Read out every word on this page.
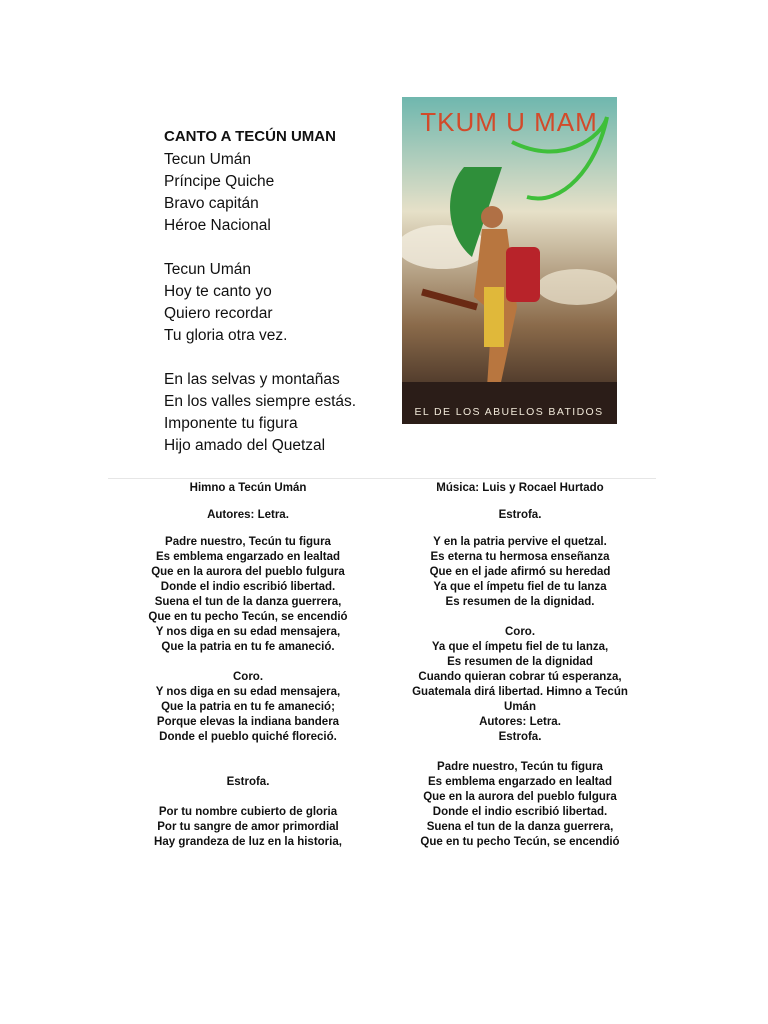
CANTO A TECÚN UMAN
Tecun Umán
Príncipe Quiche
Bravo capitán
Héroe Nacional
Tecun Umán
Hoy te canto yo
Quiero recordar
Tu gloria otra vez.
En las selvas y montañas
En los valles siempre estás.
Imponente tu figura
Hijo amado del Quetzal
TKUM U MAM
EL DE LOS ABUELOS BATIDOS
Himno a Tecún Umán
Autores: Letra.
Padre nuestro, Tecún tu figura
Es emblema engarzado en lealtad
Que en la aurora del pueblo fulgura
Donde el indio escribió libertad.
Suena el tun de la danza guerrera,
Que en tu pecho Tecún, se encendió
Y nos diga en su edad mensajera,
Que la patria en tu fe amaneció.
Coro.
Y nos diga en su edad mensajera,
Que la patria en tu fe amaneció;
Porque elevas la indiana bandera
Donde el pueblo quiché floreció.
Estrofa.
Por tu nombre cubierto de gloria
Por tu sangre de amor primordial
Hay grandeza de luz en la historia,
Música: Luis y Rocael Hurtado
Estrofa.
Y en la patria pervive el quetzal.
Es eterna tu hermosa enseñanza
Que en el jade afirmó su heredad
Ya que el ímpetu fiel de tu lanza
Es resumen de la dignidad.
Coro.
Ya que el ímpetu fiel de tu lanza,
Es resumen de la dignidad
Cuando quieran cobrar tú esperanza,
Guatemala dirá libertad. Himno a Tecún
Umán
Autores: Letra.
Estrofa.
Padre nuestro, Tecún tu figura
Es emblema engarzado en lealtad
Que en la aurora del pueblo fulgura
Donde el indio escribió libertad.
Suena el tun de la danza guerrera,
Que en tu pecho Tecún, se encendió
